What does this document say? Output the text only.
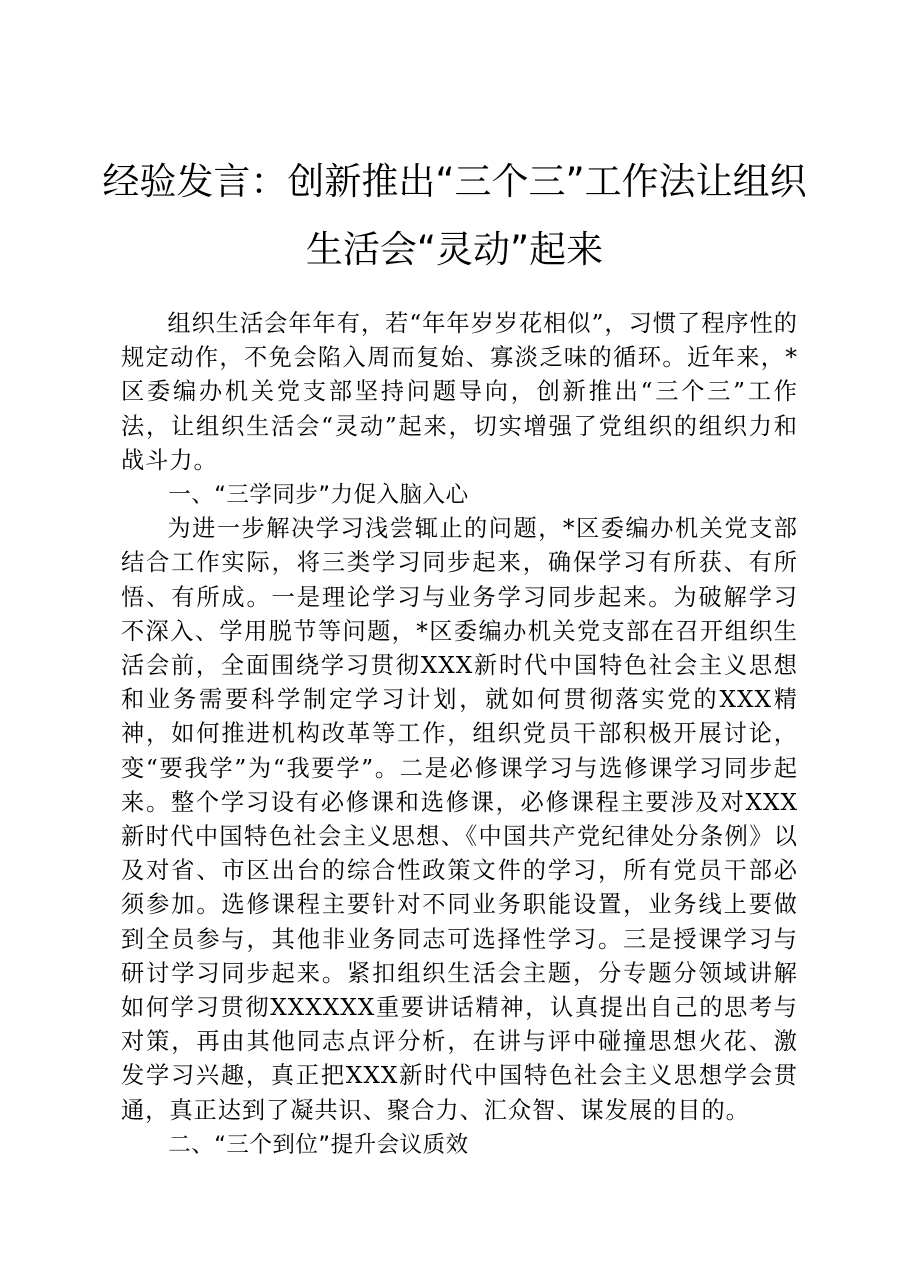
经验发言：创新推出“三个三”工作法让组织
生活会“灵动”起来

组织生活会年年有，若“年年岁岁花相似”，习惯了程序性的规定动作，不免会陷入周而复始、寡淡乏味的循环。近年来，*区委编办机关党支部坚持问题导向，创新推出“三个三”工作法，让组织生活会“灵动”起来，切实增强了党组织的组织力和战斗力。

一、“三学同步”力促入脑入心

为进一步解决学习浅尝辄止的问题，*区委编办机关党支部结合工作实际，将三类学习同步起来，确保学习有所获、有所悟、有所成。一是理论学习与业务学习同步起来。为破解学习不深入、学用脱节等问题，*区委编办机关党支部在召开组织生活会前，全面围绕学习贯彻XXX新时代中国特色社会主义思想和业务需要科学制定学习计划，就如何贯彻落实党的XXX精神，如何推进机构改革等工作，组织党员干部积极开展讨论，变“要我学”为“我要学”。二是必修课学习与选修课学习同步起来。整个学习设有必修课和选修课，必修课程主要涉及对XXX新时代中国特色社会主义思想、《中国共产党纪律处分条例》以及对省、市区出台的综合性政策文件的学习，所有党员干部必须参加。选修课程主要针对不同业务职能设置，业务线上要做到全员参与，其他非业务同志可选择性学习。三是授课学习与研讨学习同步起来。紧扣组织生活会主题，分专题分领域讲解如何学习贯彻XXXXXX重要讲话精神，认真提出自己的思考与对策，再由其他同志点评分析，在讲与评中碰撞思想火花、激发学习兴趣，真正把XXX新时代中国特色社会主义思想学会贯通，真正达到了凝共识、聚合力、汇众智、谋发展的目的。

二、“三个到位”提升会议质效
